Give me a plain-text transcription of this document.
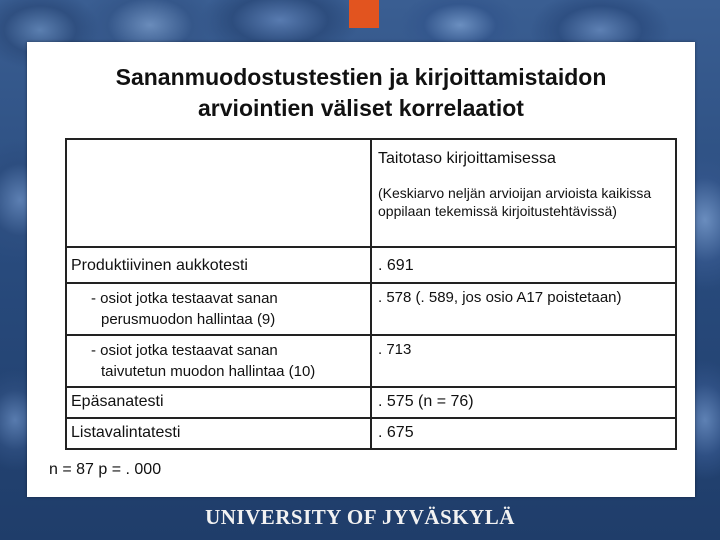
Sananmuodostustestien ja kirjoittamistaidon
arviointien väliset korrelaatiot

	Taitotaso kirjoittamisessa
(Keskiarvo neljän arvioijan arvioista kaikissa oppilaan tekemissä kirjoitustehtävissä)

Produktiivinen aukkotesti	. 691

- osiot jotka testaavat sanan
perusmuodon hallintaa (9)	. 578 (. 589, jos osio A17 poistetaan)

- osiot jotka testaavat sanan
taivutetun muodon hallintaa (10)	. 713
Epäsanatesti	. 575 (n = 76)
Listavalintatesti	. 675
n = 87 p = . 000
UNIVERSITY OF JYVÄSKYLÄ
